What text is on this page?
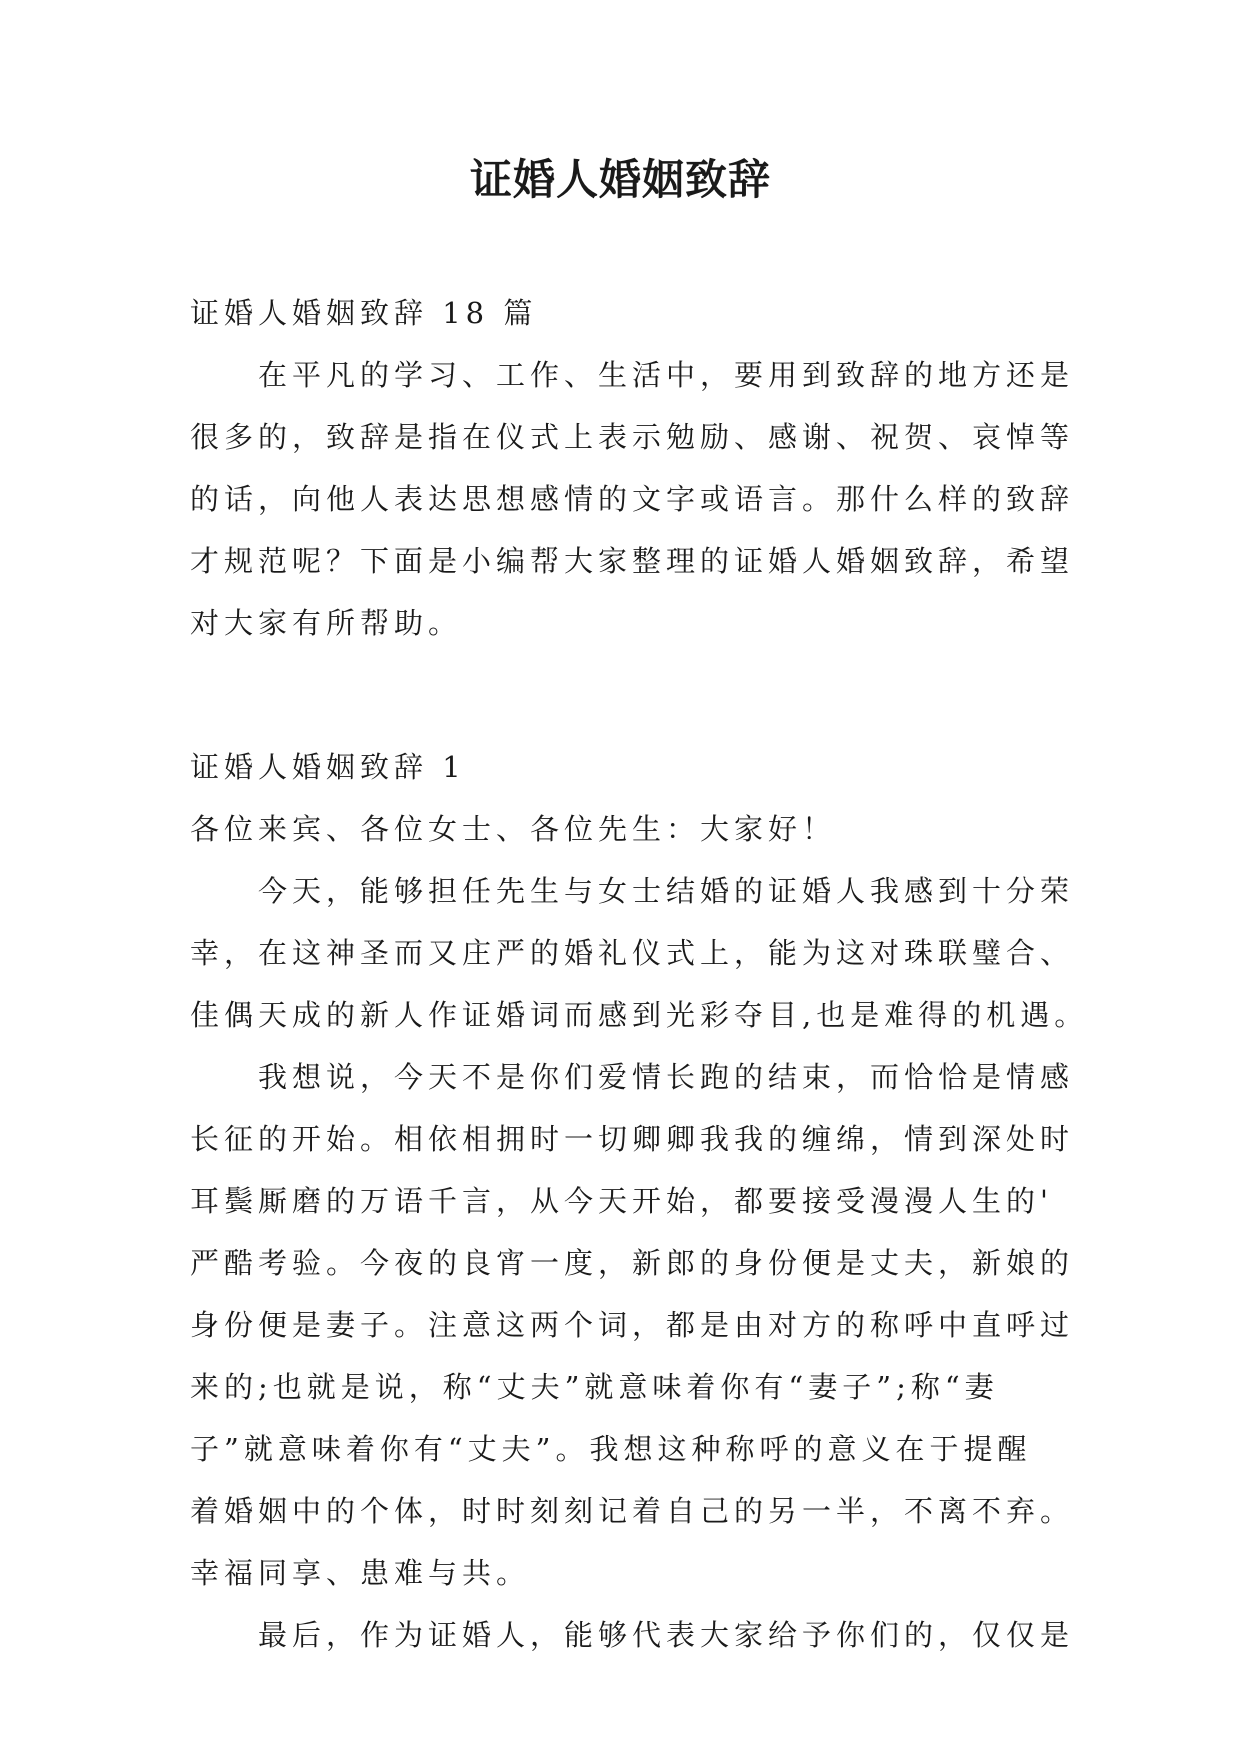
证婚人婚姻致辞

证婚人婚姻致辞 18 篇

在平凡的学习、工作、生活中，要用到致辞的地方还是

很多的，致辞是指在仪式上表示勉励、感谢、祝贺、哀悼等

的话，向他人表达思想感情的文字或语言。那什么样的致辞

才规范呢？下面是小编帮大家整理的证婚人婚姻致辞，希望

对大家有所帮助。

证婚人婚姻致辞 1

各位来宾、各位女士、各位先生：大家好！

今天，能够担任先生与女士结婚的证婚人我感到十分荣

幸，在这神圣而又庄严的婚礼仪式上，能为这对珠联璧合、

佳偶天成的新人作证婚词而感到光彩夺目,也是难得的机遇。

我想说，今天不是你们爱情长跑的结束，而恰恰是情感

长征的开始。相依相拥时一切卿卿我我的缠绵，情到深处时

耳鬓厮磨的万语千言，从今天开始，都要接受漫漫人生的'

严酷考验。今夜的良宵一度，新郎的身份便是丈夫，新娘的

身份便是妻子。注意这两个词，都是由对方的称呼中直呼过

来的;也就是说，称“丈夫”就意味着你有“妻子”;称“妻

子”就意味着你有“丈夫”。我想这种称呼的意义在于提醒

着婚姻中的个体，时时刻刻记着自己的另一半，不离不弃。

幸福同享、患难与共。

最后，作为证婚人，能够代表大家给予你们的，仅仅是
